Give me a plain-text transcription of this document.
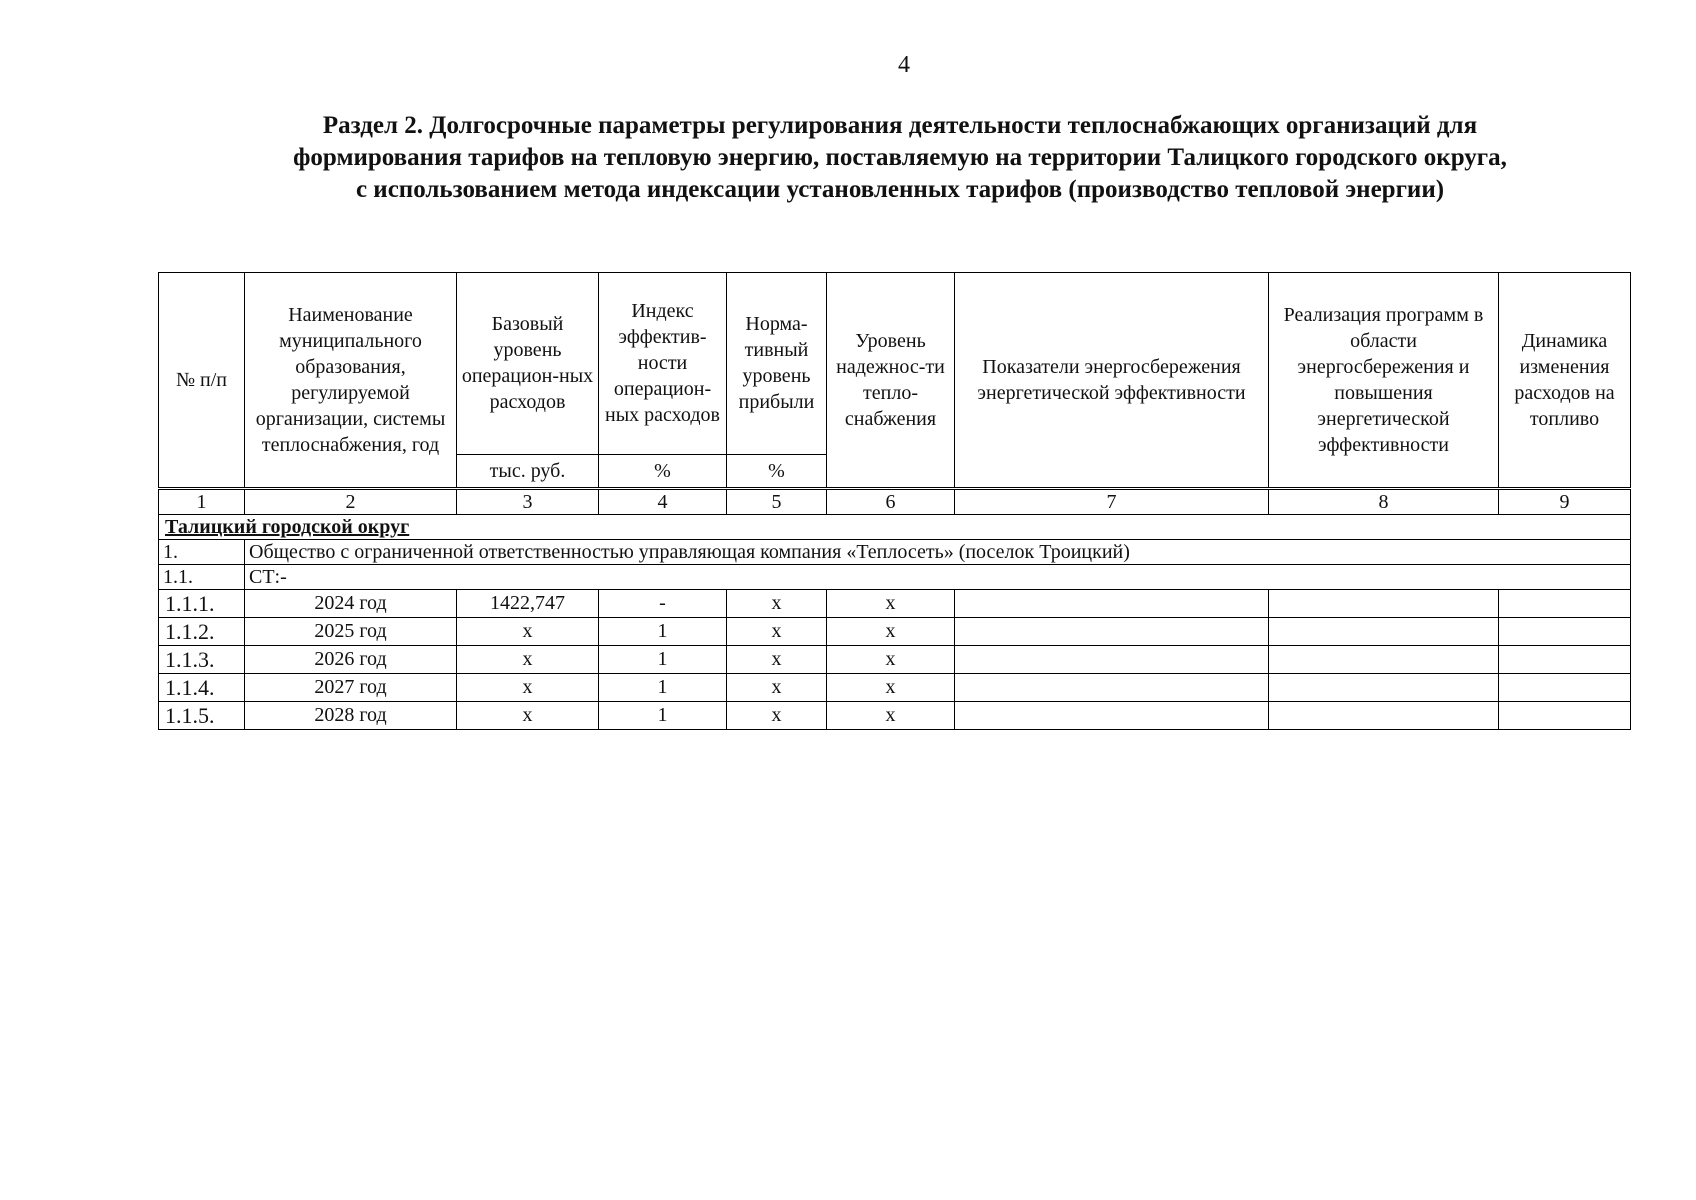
4
Раздел 2. Долгосрочные параметры регулирования деятельности теплоснабжающих организаций для
формирования тарифов на тепловую энергию, поставляемую на территории Талицкого городского округа,
с использованием метода индексации установленных тарифов (производство тепловой энергии)
№ п/п	Наименование муниципального образования, регулируемой организации, системы теплоснабжения, год	Базовый уровень операцион-ных расходов	Индекс эффектив-ности операцион-ных расходов	Норма-тивный уровень прибыли	Уровень надежнос-ти тепло-снабжения	Показатели энергосбережения энергетической эффективности	Реализация программ в области энергосбережения и повышения энергетической эффективности	Динамика изменения расходов на топливо
		тыс. руб.	%	%				
1	2	3	4	5	6	7	8	9
Талицкий городской округ								
1.	Общество с ограниченной ответственностью управляющая компания «Теплосеть» (поселок Троицкий)							
1.1.	СТ:-							
1.1.1.	2024 год	1422,747	-	х	х			
1.1.2.	2025 год	х	1	х	х			
1.1.3.	2026 год	х	1	х	х			
1.1.4.	2027 год	х	1	х	х			
1.1.5.	2028 год	х	1	х	х			
